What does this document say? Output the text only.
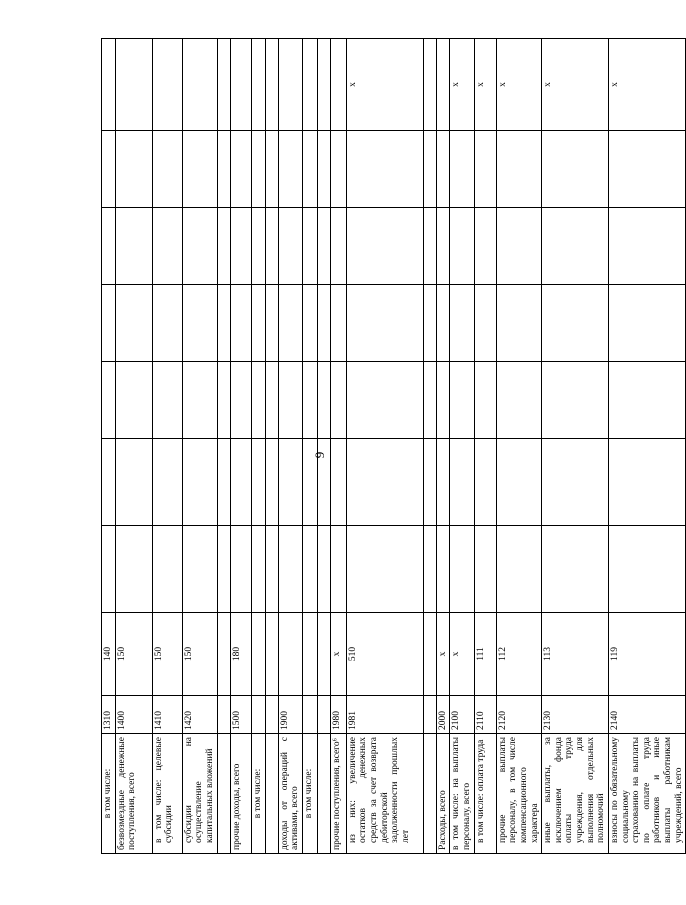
9
в том числе:	1310	140							
безвозмездные денежные поступления, всего	1400	150							
в том числе: целевые субсидии	1410	150							
субсидии на осуществление капитальных вложений	1420	150							

прочие доходы, всего	1500	180							
в том числе:									

доходы от операций с активами, всего	1900								
в том числе:									

прочие поступления, всего⁶	1980	x							
из них: увеличение остатков денежных средств за счет возврата дебиторской задолженности прошлых лет	1981	510							x

Расходы, всего	2000	x							
в том числе: на выплаты персоналу, всего	2100	x							x
в том числе: оплата труда	2110	111							x
прочие выплаты персоналу, в том числе компенсационного характера	2120	112							x
иные выплаты, за исключением фонда оплаты труда учреждения, для выполнения отдельных полномочий	2130	113							x
взносы по обязательному социальному страхованию на выплаты по оплате труда работников и иные выплаты работникам учреждений, всего	2140	119							x
